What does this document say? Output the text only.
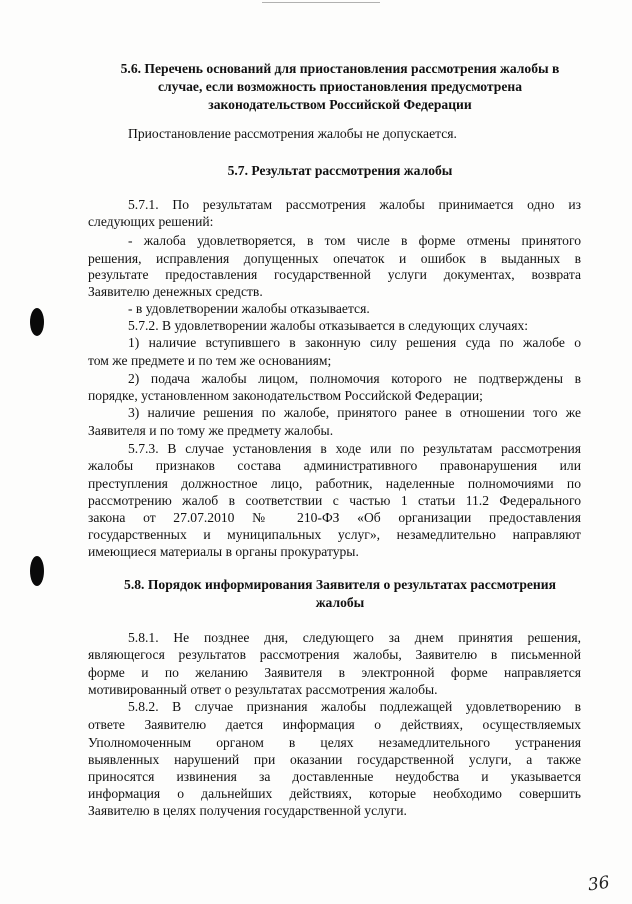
5.6. Перечень оснований для приостановления рассмотрения жалобы в
случае, если возможность приостановления предусмотрена
законодательством Российской Федерации
Приостановление рассмотрения жалобы не допускается.
5.7. Результат рассмотрения жалобы
5.7.1. По результатам рассмотрения жалобы принимается одно из
следующих решений:
- жалоба удовлетворяется, в том числе в форме отмены принятого
решения, исправления допущенных опечаток и ошибок в выданных в
результате предоставления государственной услуги документах, возврата
Заявителю денежных средств.
- в удовлетворении жалобы отказывается.
5.7.2. В удовлетворении жалобы отказывается в следующих случаях:
1) наличие вступившего в законную силу решения суда по жалобе о
том же предмете и по тем же основаниям;
2) подача жалобы лицом, полномочия которого не подтверждены в
порядке, установленном законодательством Российской Федерации;
3) наличие решения по жалобе, принятого ранее в отношении того же
Заявителя и по тому же предмету жалобы.
5.7.3. В случае установления в ходе или по результатам рассмотрения
жалобы признаков состава административного правонарушения или
преступления должностное лицо, работник, наделенные полномочиями по
рассмотрению жалоб в соответствии с частью 1 статьи 11.2 Федерального
закона от 27.07.2010 № 210-ФЗ «Об организации предоставления
государственных и муниципальных услуг», незамедлительно направляют
имеющиеся материалы в органы прокуратуры.
5.8. Порядок информирования Заявителя о результатах рассмотрения
жалобы
5.8.1. Не позднее дня, следующего за днем принятия решения,
являющегося результатов рассмотрения жалобы, Заявителю в письменной
форме и по желанию Заявителя в электронной форме направляется
мотивированный ответ о результатах рассмотрения жалобы.
5.8.2. В случае признания жалобы подлежащей удовлетворению в
ответе Заявителю дается информация о действиях, осуществляемых
Уполномоченным органом в целях незамедлительного устранения
выявленных нарушений при оказании государственной услуги, а также
приносятся извинения за доставленные неудобства и указывается
информация о дальнейших действиях, которые необходимо совершить
Заявителю в целях получения государственной услуги.
36
